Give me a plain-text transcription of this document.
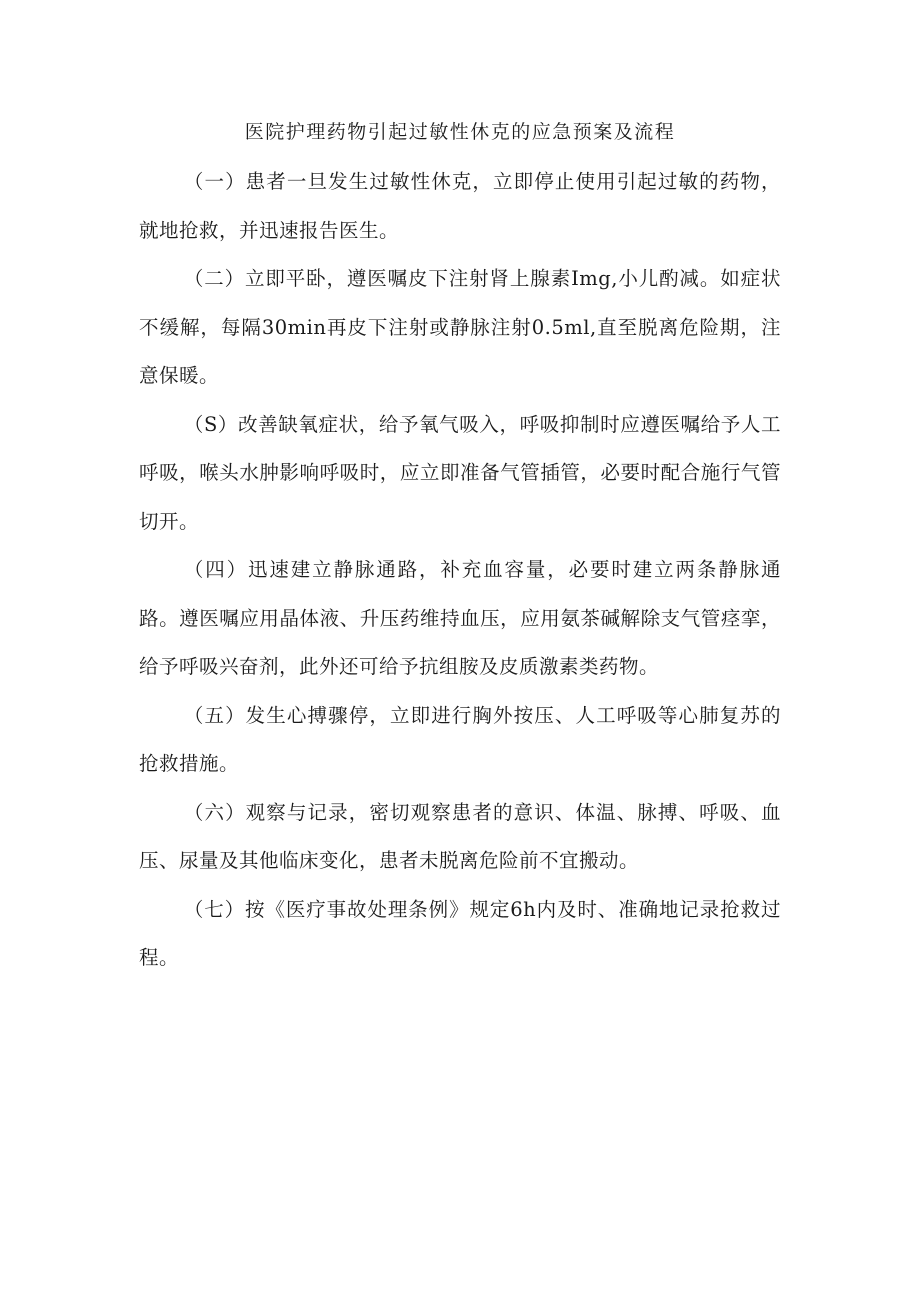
医院护理药物引起过敏性休克的应急预案及流程

（一）患者一旦发生过敏性休克，立即停止使用引起过敏的药物，就地抢救，并迅速报告医生。

（二）立即平卧，遵医嘱皮下注射肾上腺素Img,小儿酌减。如症状不缓解，每隔30min再皮下注射或静脉注射0.5ml,直至脱离危险期，注意保暖。

（S）改善缺氧症状，给予氧气吸入，呼吸抑制时应遵医嘱给予人工呼吸，喉头水肿影响呼吸时，应立即准备气管插管，必要时配合施行气管切开。

（四）迅速建立静脉通路，补充血容量，必要时建立两条静脉通路。遵医嘱应用晶体液、升压药维持血压，应用氨茶碱解除支气管痉挛，给予呼吸兴奋剂，此外还可给予抗组胺及皮质激素类药物。

（五）发生心搏骤停，立即进行胸外按压、人工呼吸等心肺复苏的抢救措施。

（六）观察与记录，密切观察患者的意识、体温、脉搏、呼吸、血压、尿量及其他临床变化，患者未脱离危险前不宜搬动。

（七）按《医疗事故处理条例》规定6h内及时、准确地记录抢救过程。
